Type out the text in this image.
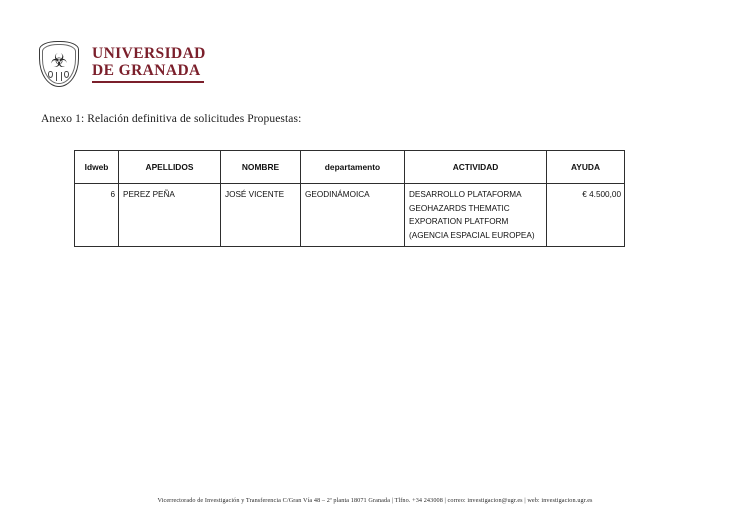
☣ UNIVERSIDAD
DE GRANADA
Anexo 1: Relación definitiva de solicitudes Propuestas:
Idweb	APELLIDOS	NOMBRE	departamento	ACTIVIDAD	AYUDA
6	PEREZ PEÑA	JOSÉ VICENTE	GEODINÁMOICA	DESARROLLO PLATAFORMA
GEOHAZARDS THEMATIC
EXPORATION PLATFORM
(AGENCIA ESPACIAL EUROPEA)	€ 4.500,00
Vicerrectorado de Investigación y Transferencia C/Gran Vía 48 – 2ª planta 18071 Granada | Tlfno. +34 243008 | correo: investigacion@ugr.es | web: investigacion.ugr.es
